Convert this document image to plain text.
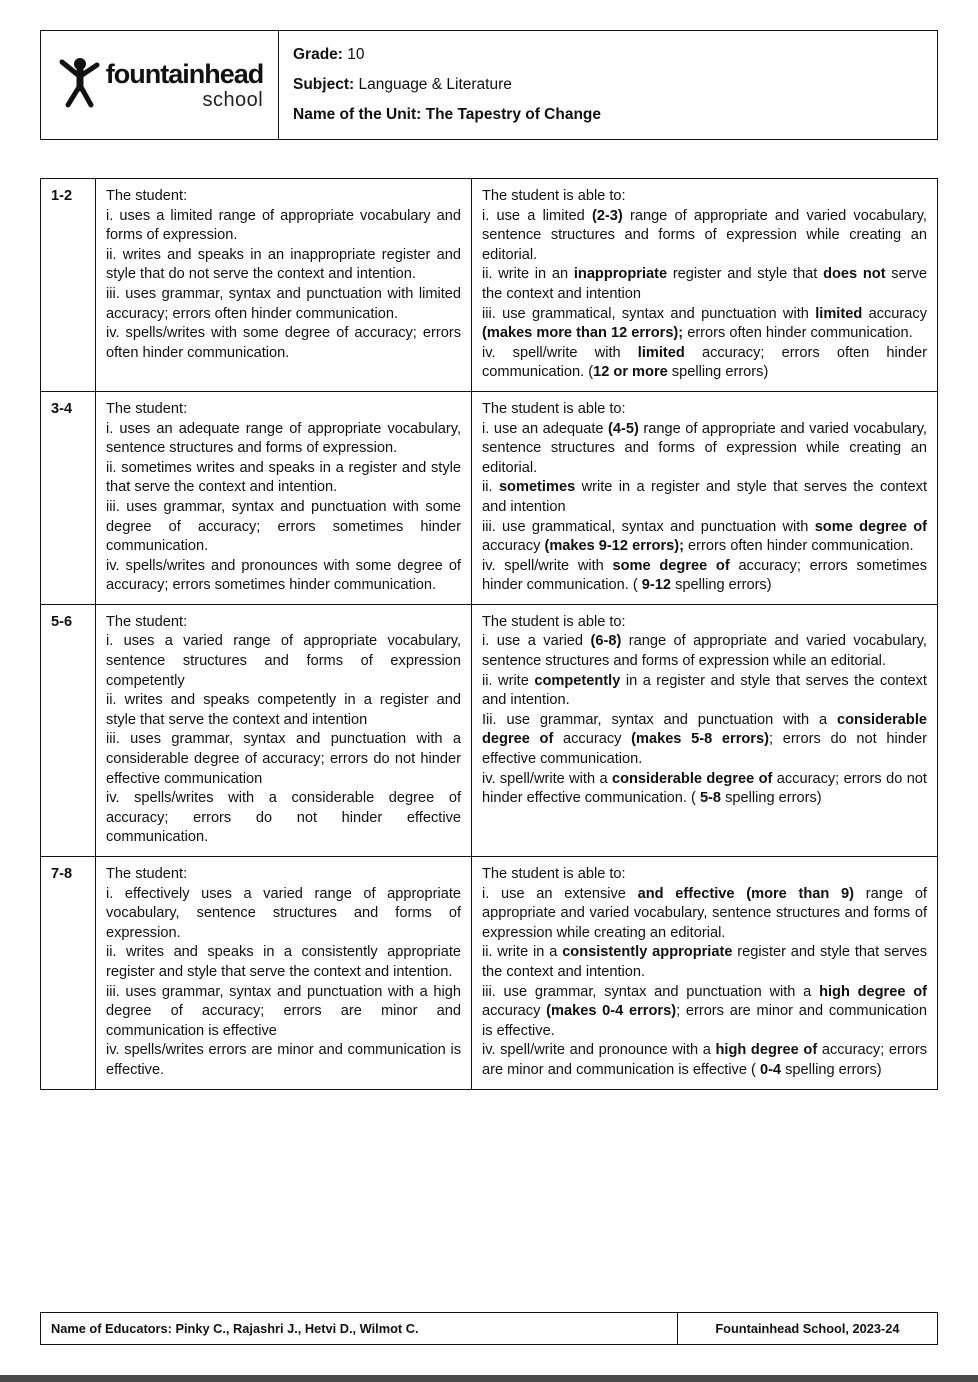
fountainhead
school
Grade: 10
Subject: Language & Literature
Name of the Unit: The Tapestry of Change
1-2	The student:
i. uses a limited range of appropriate vocabulary and forms of expression.
ii. writes and speaks in an inappropriate register and style that do not serve the context and intention.
iii. uses grammar, syntax and punctuation with limited accuracy; errors often hinder communication.
iv. spells/writes with some degree of accuracy; errors often hinder communication.

The student is able to:
i. use a limited (2-3) range of appropriate and varied vocabulary, sentence structures and forms of expression while creating an editorial.
ii. write in an inappropriate register and style that does not serve the context and intention
iii. use grammatical, syntax and punctuation with limited accuracy (makes more than 12 errors); errors often hinder communication.
iv. spell/write with limited accuracy; errors often hinder communication. (12 or more spelling errors)

3-4	The student:
i. uses an adequate range of appropriate vocabulary, sentence structures and forms of expression.
ii. sometimes writes and speaks in a register and style that serve the context and intention.
iii. uses grammar, syntax and punctuation with some degree of accuracy; errors sometimes hinder communication.
iv. spells/writes and pronounces with some degree of accuracy; errors sometimes hinder communication.

The student is able to:
i. use an adequate (4-5) range of appropriate and varied vocabulary, sentence structures and forms of expression while creating an editorial.
ii. sometimes write in a register and style that serves the context and intention
iii. use grammatical, syntax and punctuation with some degree of accuracy (makes 9-12 errors); errors often hinder communication.
iv. spell/write with some degree of accuracy; errors sometimes hinder communication. ( 9-12 spelling errors)

5-6	The student:
i. uses a varied range of appropriate vocabulary, sentence structures and forms of expression competently
ii. writes and speaks competently in a register and style that serve the context and intention
iii. uses grammar, syntax and punctuation with a considerable degree of accuracy; errors do not hinder effective communication
iv. spells/writes with a considerable degree of accuracy; errors do not hinder effective communication.

The student is able to:
i. use a varied (6-8) range of appropriate and varied vocabulary, sentence structures and forms of expression while an editorial.
ii. write competently in a register and style that serves the context and intention.
Iii. use grammar, syntax and punctuation with a considerable degree of accuracy (makes 5-8 errors); errors do not hinder effective communication.
iv. spell/write with a considerable degree of accuracy; errors do not hinder effective communication. ( 5-8 spelling errors)

7-8	The student:
i. effectively uses a varied range of appropriate vocabulary, sentence structures and forms of expression.
ii. writes and speaks in a consistently appropriate register and style that serve the context and intention.
iii. uses grammar, syntax and punctuation with a high degree of accuracy; errors are minor and communication is effective
iv. spells/writes errors are minor and communication is effective.

The student is able to:
i. use an extensive and effective (more than 9) range of appropriate and varied vocabulary, sentence structures and forms of expression while creating an editorial.
ii. write in a consistently appropriate register and style that serves the context and intention.
iii. use grammar, syntax and punctuation with a high degree of accuracy (makes 0-4 errors); errors are minor and communication is effective.
iv. spell/write and pronounce with a high degree of accuracy; errors are minor and communication is effective ( 0-4 spelling errors)
Name of Educators: Pinky C., Rajashri J., Hetvi D., Wilmot C.	Fountainhead School, 2023-24
